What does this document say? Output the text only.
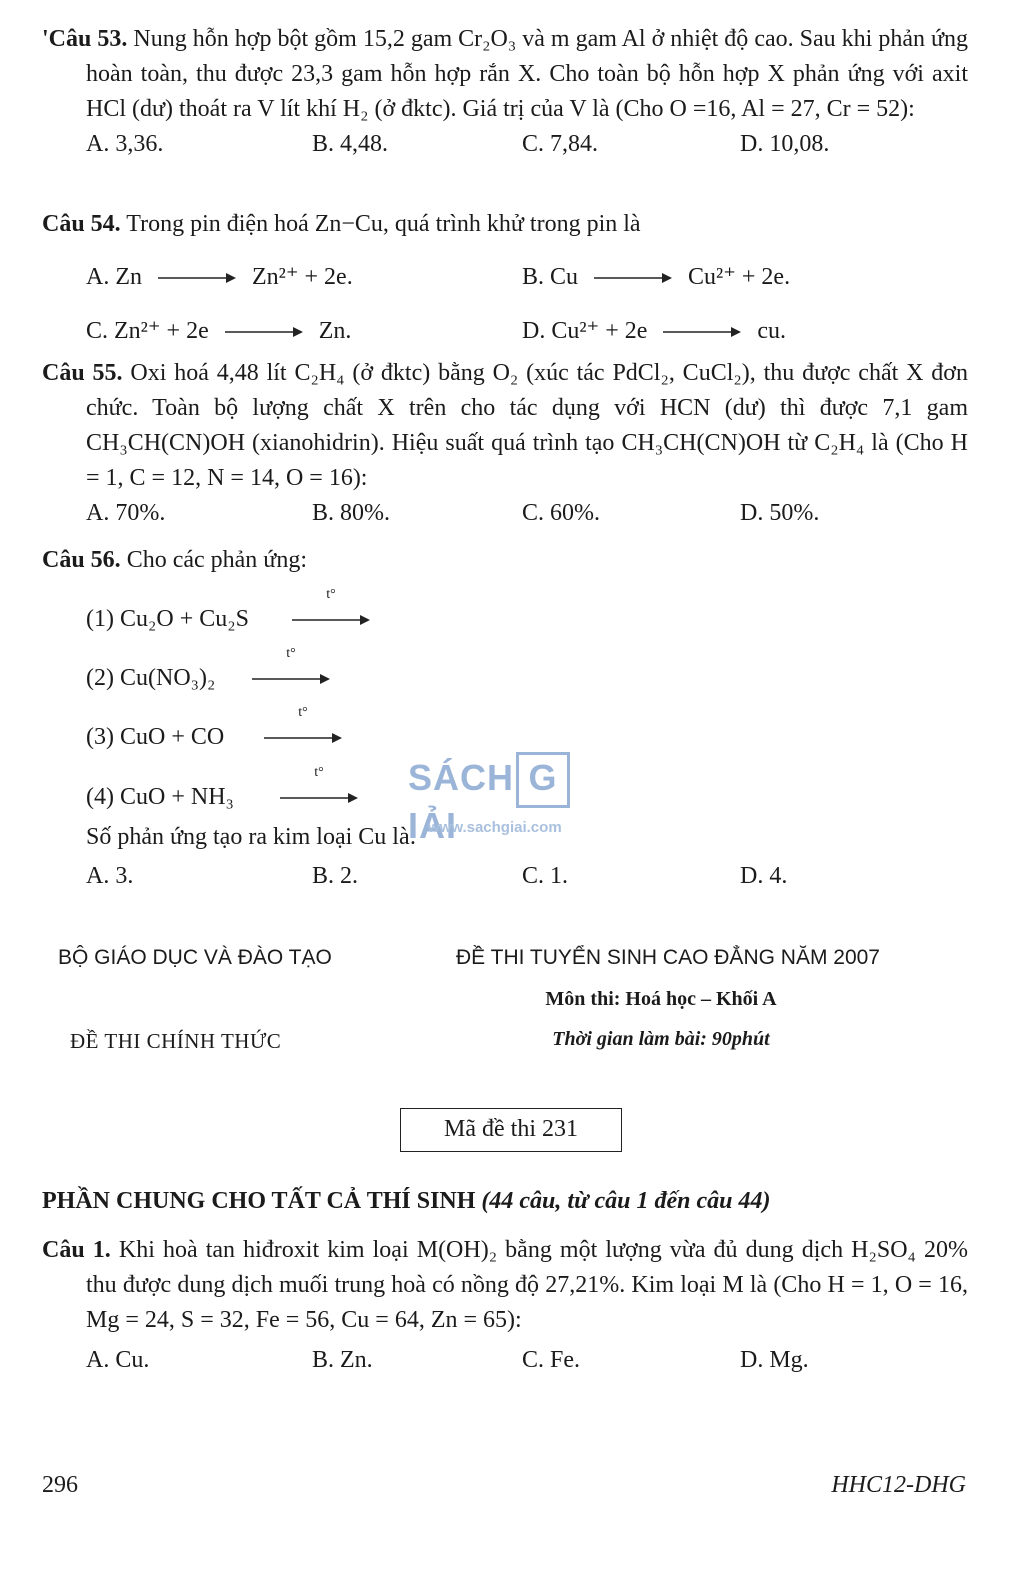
'Câu 53. Nung hỗn hợp bột gồm 15,2 gam Cr₂O₃ và m gam Al ở nhiệt độ cao. Sau khi phản ứng hoàn toàn, thu được 23,3 gam hỗn hợp rắn X. Cho toàn bộ hỗn hợp X phản ứng với axit HCl (dư) thoát ra V lít khí H₂ (ở đktc). Giá trị của V là (Cho O =16, Al = 27, Cr = 52):
A. 3,36.	B. 4,48.	C. 7,84.	D. 10,08.
Câu 54. Trong pin điện hoá Zn−Cu, quá trình khử trong pin là
A. Zn	Zn²⁺ + 2e.	B. Cu	Cu²⁺ + 2e.
C. Zn²⁺ + 2e	Zn.	D. Cu²⁺ + 2e	cu.
Câu 55. Oxi hoá 4,48 lít C₂H₄ (ở đktc) bằng O₂ (xúc tác PdCl₂, CuCl₂), thu được chất X đơn chức. Toàn bộ lượng chất X trên cho tác dụng với HCN (dư) thì được 7,1 gam CH₃CH(CN)OH (xianohidrin). Hiệu suất quá trình tạo CH₃CH(CN)OH từ C₂H₄ là (Cho H = 1, C = 12, N = 14, O = 16):
A. 70%.	B. 80%.	C. 60%.	D. 50%.
Câu 56. Cho các phản ứng:
(1) Cu₂O + Cu₂S
t°
(2) Cu(NO₃)₂
t°
(3) CuO + CO
t°
(4) CuO + NH₃
t°
Số phản ứng tạo ra kim loại Cu là:
A. 3.	B. 2.	C. 1.	D. 4.
SÁCH GIẢI
www.sachgiai.com
BỘ GIÁO DỤC VÀ ĐÀO TẠO	ĐỀ THI TUYỂN SINH CAO ĐẲNG NĂM 2007
Môn thi: Hoá học – Khối A
ĐỀ THI CHÍNH THỨC	Thời gian làm bài: 90phút
Mã đề thi 231
PHẦN CHUNG CHO TẤT CẢ THÍ SINH (44 câu, từ câu 1 đến câu 44)
Câu 1. Khi hoà tan hiđroxit kim loại M(OH)₂ bằng một lượng vừa đủ dung dịch H₂SO₄ 20% thu được dung dịch muối trung hoà có nồng độ 27,21%. Kim loại M là (Cho H = 1, O = 16, Mg = 24, S = 32, Fe = 56, Cu = 64, Zn = 65):
A. Cu.	B. Zn.	C. Fe.	D. Mg.
296	HHC12-DHG
